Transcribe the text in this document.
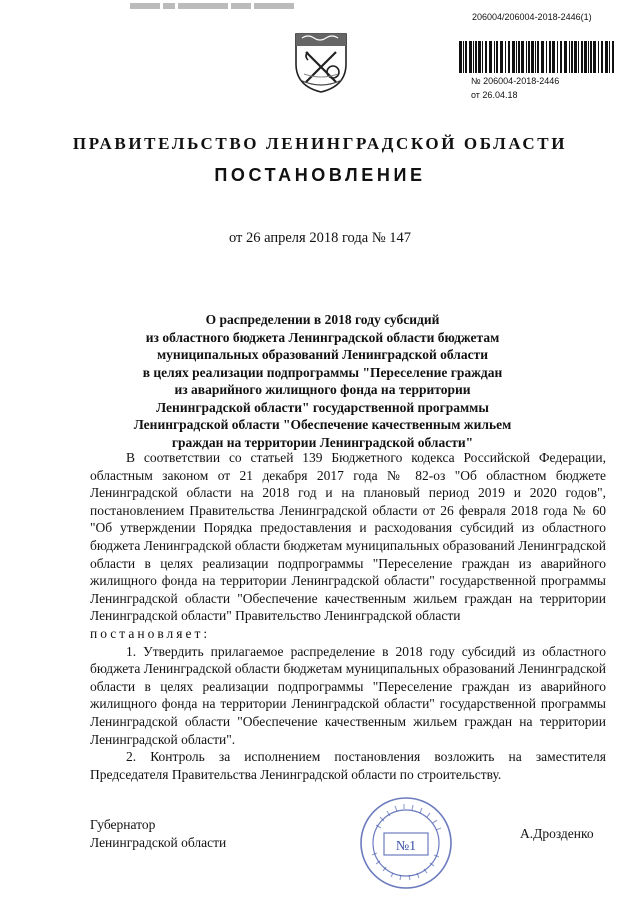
206004/206004-2018-2446(1)
№ 206004-2018-2446
от 26.04.18
ПРАВИТЕЛЬСТВО ЛЕНИНГРАДСКОЙ ОБЛАСТИ
ПОСТАНОВЛЕНИЕ
от 26 апреля 2018 года № 147
О распределении в 2018 году субсидий
из областного бюджета Ленинградской области бюджетам
муниципальных образований Ленинградской области
в целях реализации подпрограммы "Переселение граждан
из аварийного жилищного фонда на территории
Ленинградской области" государственной программы
Ленинградской области "Обеспечение качественным жильем
граждан на территории Ленинградской области"

В соответствии со статьей 139 Бюджетного кодекса Российской Федерации, областным законом от 21 декабря 2017 года № 82-оз "Об областном бюджете Ленинградской области на 2018 год и на плановый период 2019 и 2020 годов", постановлением Правительства Ленинградской области от 26 февраля 2018 года № 60 "Об утверждении Порядка предоставления и расходования субсидий из областного бюджета Ленинградской области бюджетам муниципальных образований Ленинградской области в целях реализации подпрограммы "Переселение граждан из аварийного жилищного фонда на территории Ленинградской области" государственной программы Ленинградской области "Обеспечение качественным жильем граждан на территории Ленинградской области" Правительство Ленинградской области

постановляет:

1. Утвердить прилагаемое распределение в 2018 году субсидий из областного бюджета Ленинградской области бюджетам муниципальных образований Ленинградской области в целях реализации подпрограммы "Переселение граждан из аварийного жилищного фонда на территории Ленинградской области" государственной программы Ленинградской области "Обеспечение качественным жильем граждан на территории Ленинградской области".

2. Контроль за исполнением постановления возложить на заместителя Председателя Правительства Ленинградской области по строительству.

Губернатор
Ленинградской области
А.Дрозденко
№1
